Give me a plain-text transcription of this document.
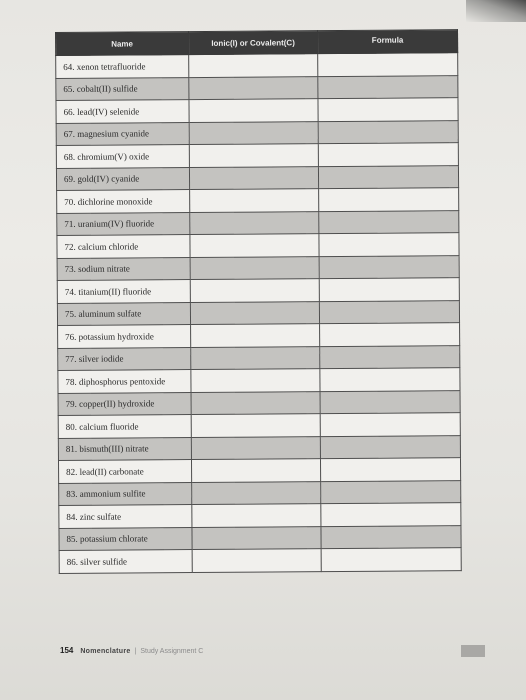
Name	Ionic(I) or Covalent(C)	Formula
64. xenon tetrafluoride		
65. cobalt(II) sulfide		
66. lead(IV) selenide		
67. magnesium cyanide		
68. chromium(V) oxide		
69. gold(IV) cyanide		
70. dichlorine monoxide		
71. uranium(IV) fluoride		
72. calcium chloride		
73. sodium nitrate		
74. titanium(II) fluoride		
75. aluminum sulfate		
76. potassium hydroxide		
77. silver iodide		
78. diphosphorus pentoxide		
79. copper(II) hydroxide		
80. calcium fluoride		
81. bismuth(III) nitrate		
82. lead(II) carbonate		
83. ammonium sulfite		
84. zinc sulfate		
85. potassium chlorate		
86. silver sulfide		
154 Nomenclature | Study Assignment C
